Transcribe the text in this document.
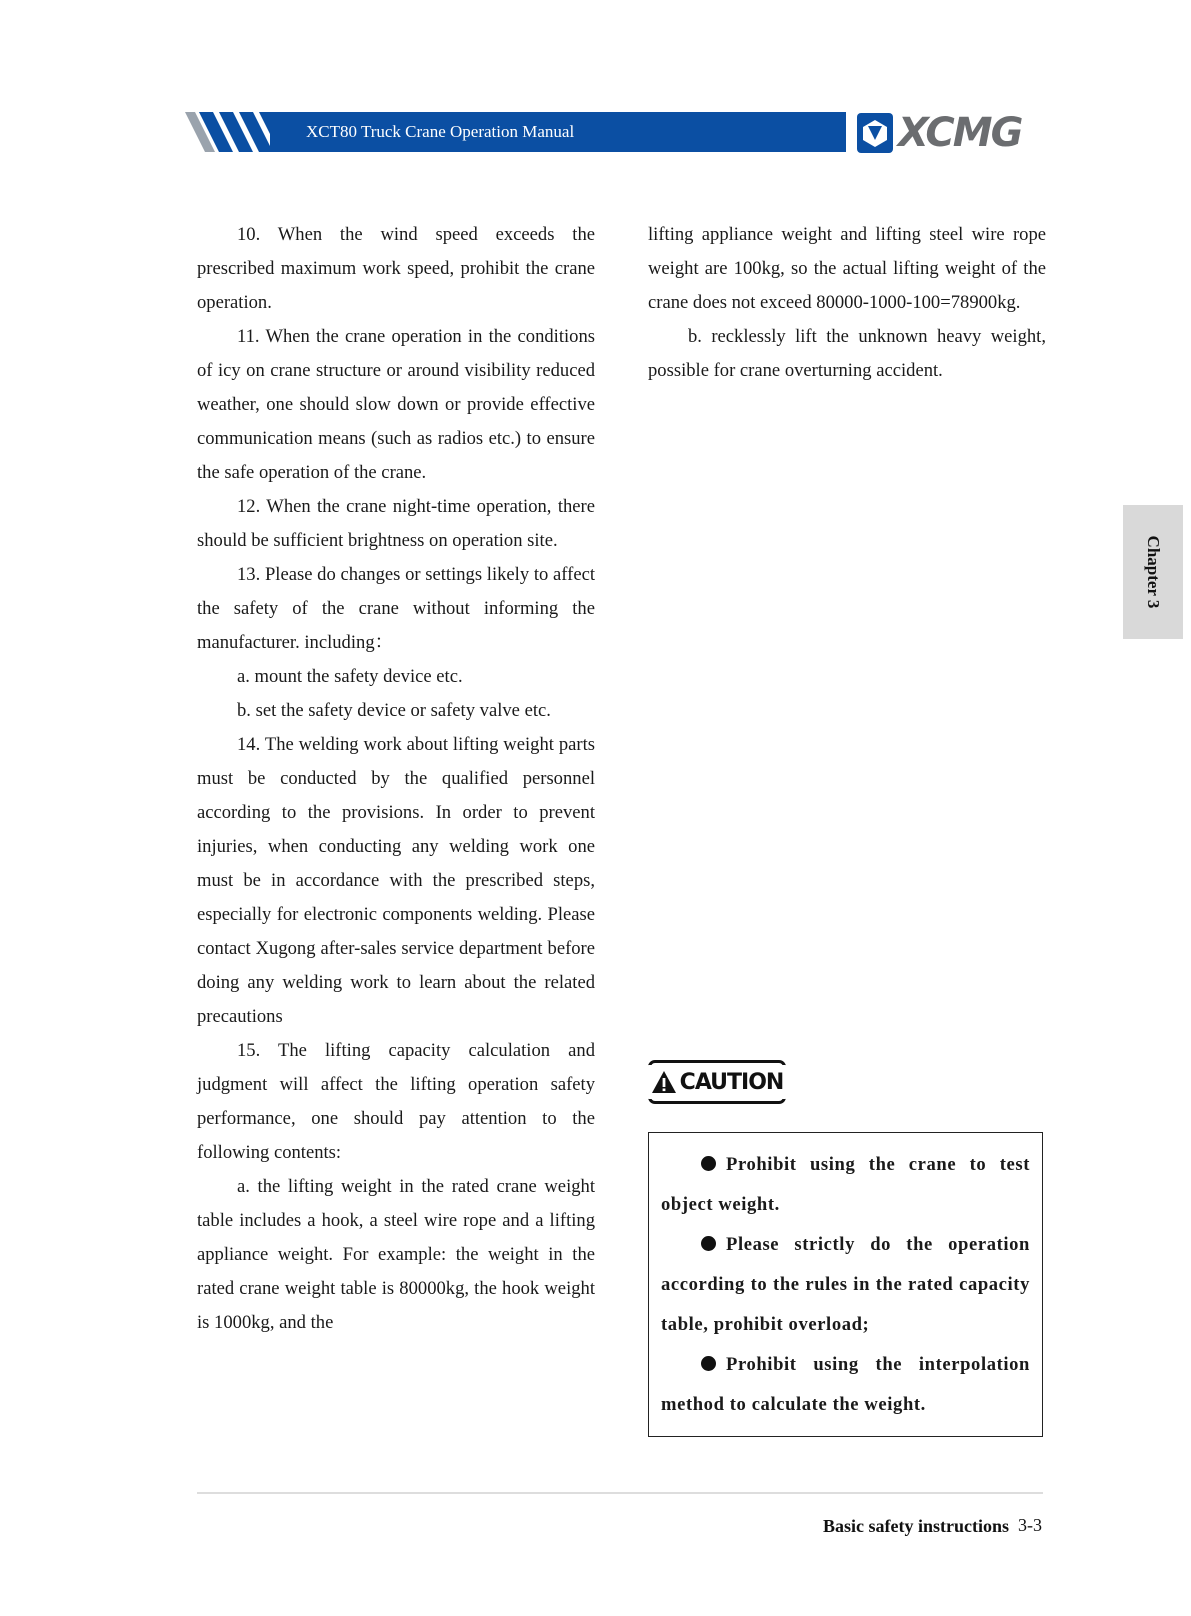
XCT80 Truck Crane Operation Manual	XCMG

10. When the wind speed exceeds the prescribed maximum work speed, prohibit the crane operation.

11. When the crane operation in the conditions of icy on crane structure or around visibility reduced weather, one should slow down or provide effective communication means (such as radios etc.) to ensure the safe operation of the crane.

12. When the crane night-time operation, there should be sufficient brightness on operation site.

13. Please do changes or settings likely to affect the safety of the crane without informing the manufacturer. including：

a. mount the safety device etc.

b. set the safety device or safety valve etc.

14. The welding work about lifting weight parts must be conducted by the qualified personnel according to the provisions. In order to prevent injuries, when conducting any welding work one must be in accordance with the prescribed steps, especially for electronic components welding. Please contact Xugong after-sales service department before doing any welding work to learn about the related precautions

15. The lifting capacity calculation and judgment will affect the lifting operation safety performance, one should pay attention to the following contents:

a. the lifting weight in the rated crane weight table includes a hook, a steel wire rope and a lifting appliance weight. For example: the weight in the rated crane weight table is 80000kg, the hook weight is 1000kg, and the

lifting appliance weight and lifting steel wire rope weight are 100kg, so the actual lifting weight of the crane does not exceed 80000-1000-100=78900kg.

b. recklessly lift the unknown heavy weight, possible for crane overturning accident.

Chapter 3
CAUTION

Prohibit using the crane to test object weight.

Please strictly do the operation according to the rules in the rated capacity table, prohibit overload;

Prohibit using the interpolation method to calculate the weight.

Basic safety instructions 3-3
